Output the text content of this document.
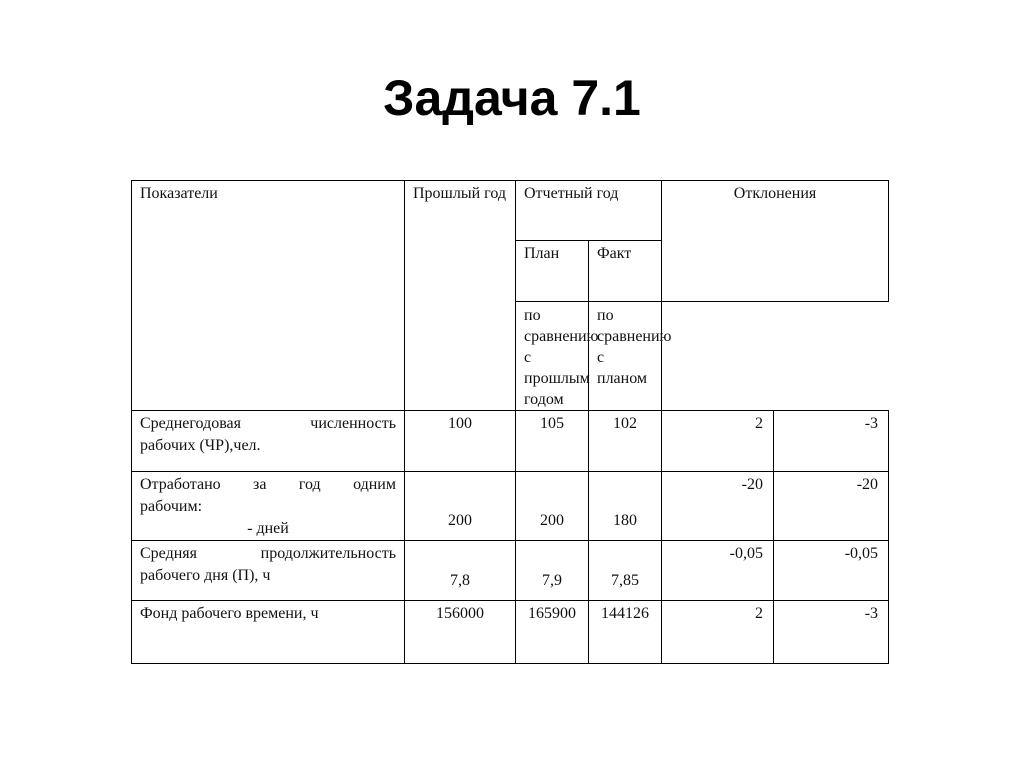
Задача 7.1
Показатели	Прошлый год	Отчетный год		Отклонения	
		План	Факт		
		по сравнению с прошлым годом	по сравнению с планом		

Среднегодовая численность
рабочих (ЧР),чел.	100	105	102	2	-3

Отработано за год одним
рабочим:
- дней	200	200	180	-20	-20

Средняя продолжительность
рабочего дня (П), ч	7,8	7,9	7,85	-0,05	-0,05
Фонд рабочего времени, ч	156000	165900	144126	2	-3
